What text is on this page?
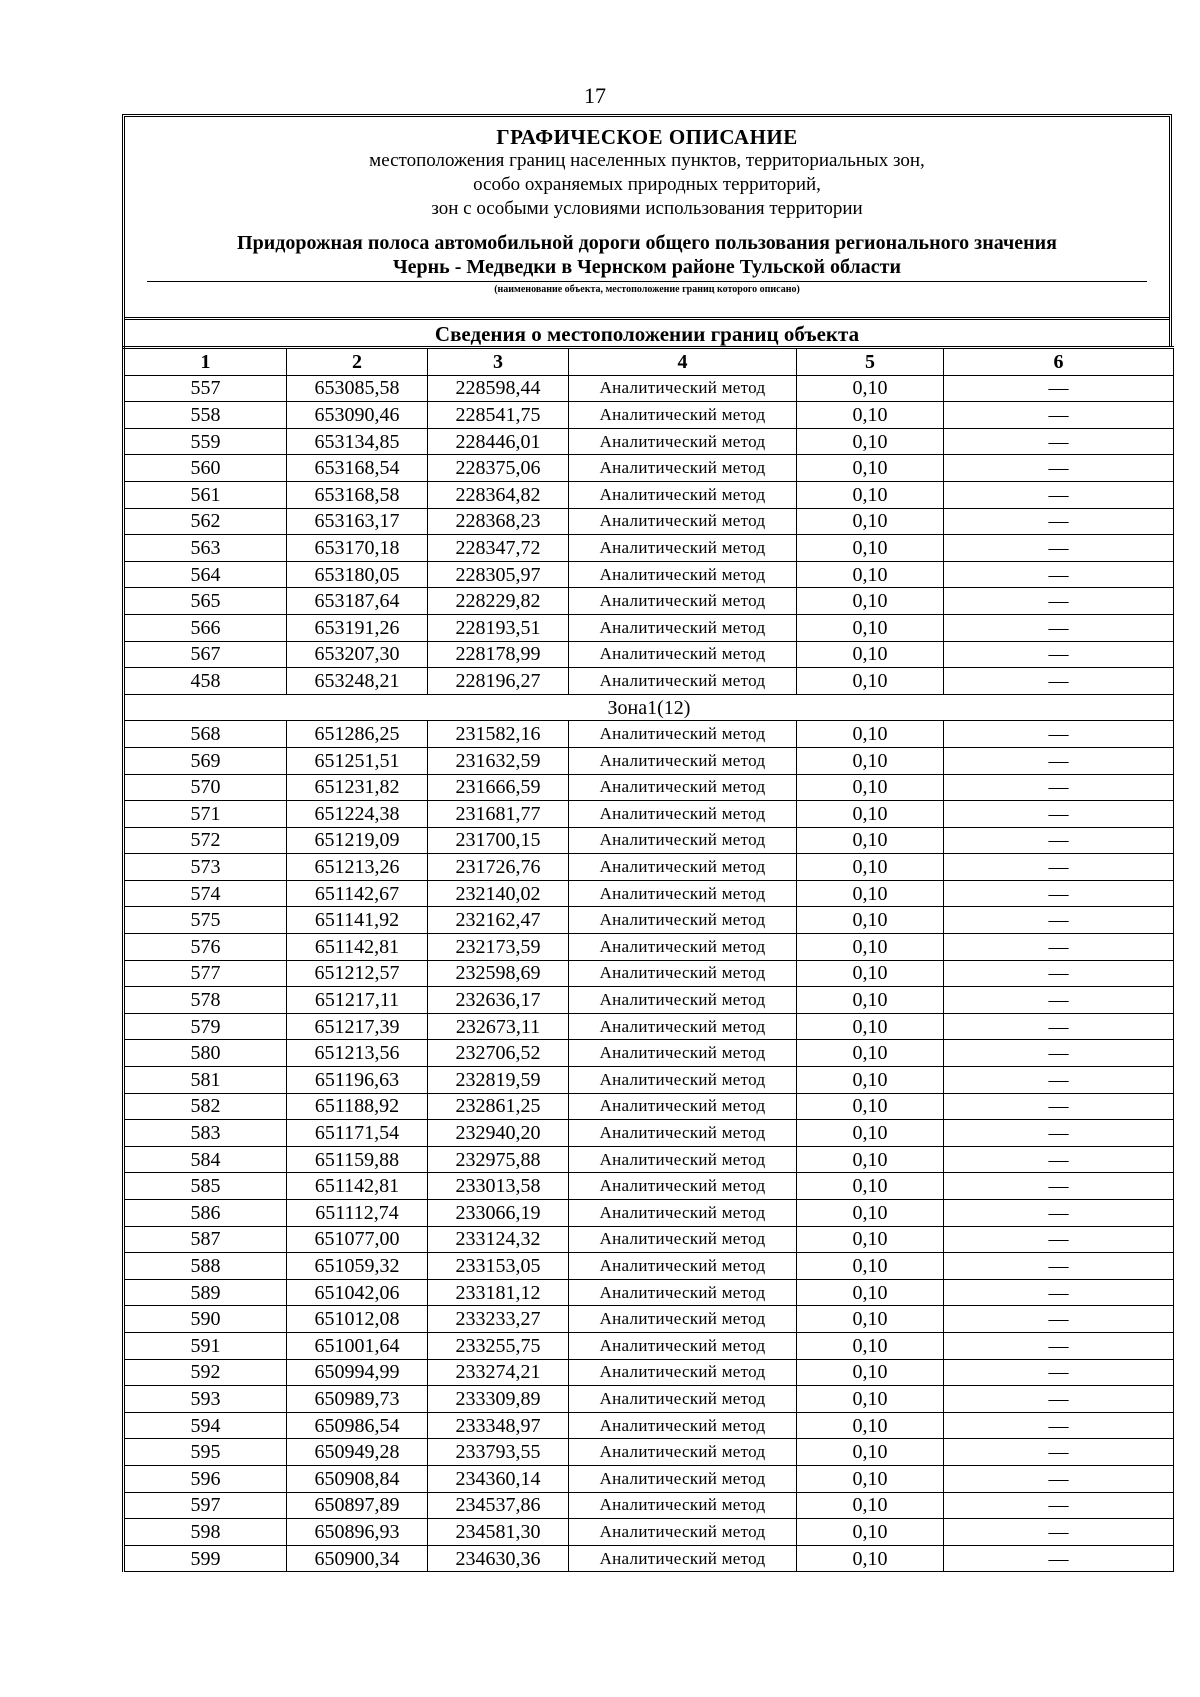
17
ГРАФИЧЕСКОЕ ОПИСАНИЕ
местоположения границ населенных пунктов, территориальных зон,
особо охраняемых природных территорий,
зон с особыми условиями использования территории
Придорожная полоса автомобильной дороги общего пользования регионального значения
Чернь - Медведки в Чернском районе Тульской области
(наименование объекта, местоположение границ которого описано)
Сведения о местоположении границ объекта
1	2	3	4	5	6
557	653085,58	228598,44	Аналитический метод	0,10	—
558	653090,46	228541,75	Аналитический метод	0,10	—
559	653134,85	228446,01	Аналитический метод	0,10	—
560	653168,54	228375,06	Аналитический метод	0,10	—
561	653168,58	228364,82	Аналитический метод	0,10	—
562	653163,17	228368,23	Аналитический метод	0,10	—
563	653170,18	228347,72	Аналитический метод	0,10	—
564	653180,05	228305,97	Аналитический метод	0,10	—
565	653187,64	228229,82	Аналитический метод	0,10	—
566	653191,26	228193,51	Аналитический метод	0,10	—
567	653207,30	228178,99	Аналитический метод	0,10	—
458	653248,21	228196,27	Аналитический метод	0,10	—
Зона1(12)					
568	651286,25	231582,16	Аналитический метод	0,10	—
569	651251,51	231632,59	Аналитический метод	0,10	—
570	651231,82	231666,59	Аналитический метод	0,10	—
571	651224,38	231681,77	Аналитический метод	0,10	—
572	651219,09	231700,15	Аналитический метод	0,10	—
573	651213,26	231726,76	Аналитический метод	0,10	—
574	651142,67	232140,02	Аналитический метод	0,10	—
575	651141,92	232162,47	Аналитический метод	0,10	—
576	651142,81	232173,59	Аналитический метод	0,10	—
577	651212,57	232598,69	Аналитический метод	0,10	—
578	651217,11	232636,17	Аналитический метод	0,10	—
579	651217,39	232673,11	Аналитический метод	0,10	—
580	651213,56	232706,52	Аналитический метод	0,10	—
581	651196,63	232819,59	Аналитический метод	0,10	—
582	651188,92	232861,25	Аналитический метод	0,10	—
583	651171,54	232940,20	Аналитический метод	0,10	—
584	651159,88	232975,88	Аналитический метод	0,10	—
585	651142,81	233013,58	Аналитический метод	0,10	—
586	651112,74	233066,19	Аналитический метод	0,10	—
587	651077,00	233124,32	Аналитический метод	0,10	—
588	651059,32	233153,05	Аналитический метод	0,10	—
589	651042,06	233181,12	Аналитический метод	0,10	—
590	651012,08	233233,27	Аналитический метод	0,10	—
591	651001,64	233255,75	Аналитический метод	0,10	—
592	650994,99	233274,21	Аналитический метод	0,10	—
593	650989,73	233309,89	Аналитический метод	0,10	—
594	650986,54	233348,97	Аналитический метод	0,10	—
595	650949,28	233793,55	Аналитический метод	0,10	—
596	650908,84	234360,14	Аналитический метод	0,10	—
597	650897,89	234537,86	Аналитический метод	0,10	—
598	650896,93	234581,30	Аналитический метод	0,10	—
599	650900,34	234630,36	Аналитический метод	0,10	—
